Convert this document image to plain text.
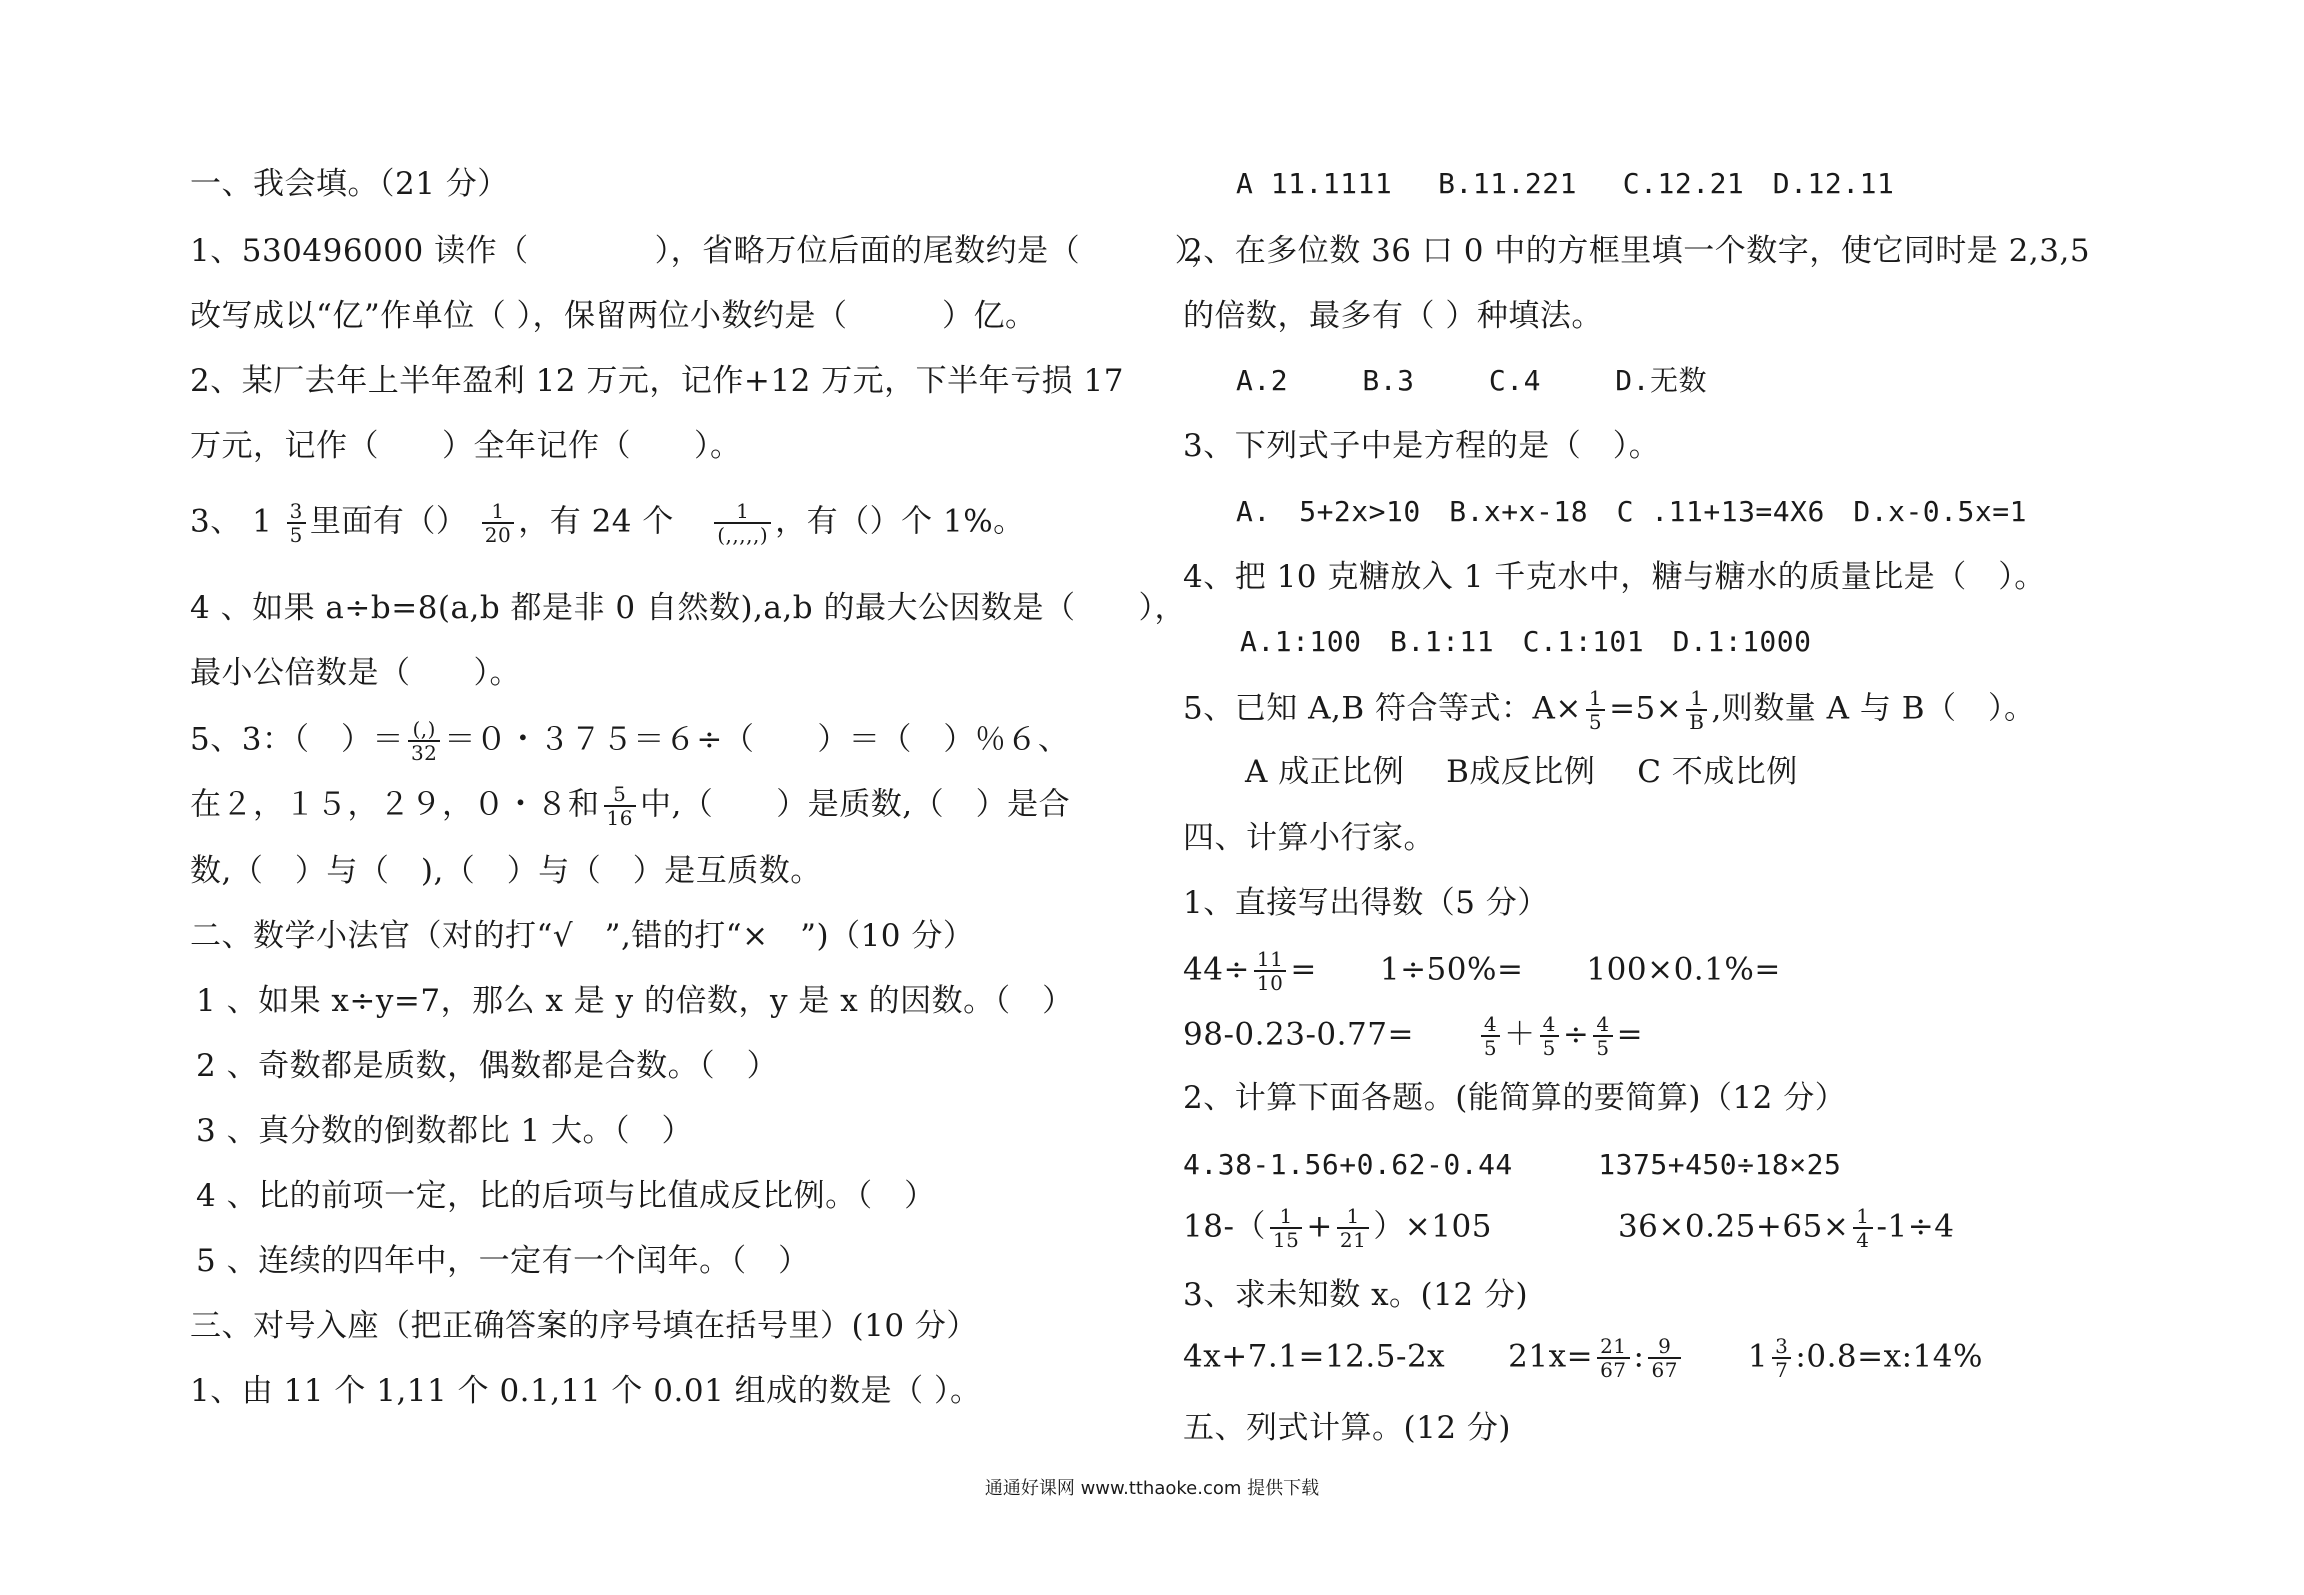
一、我会填。（21 分）
1、530496000 读作（　　　　），省略万位后面的尾数约是（　　　），
改写成以“亿”作单位（ ），保留两位小数约是（　　　）亿。
2、某厂去年上半年盈利 12 万元，记作+12 万元，下半年亏损 17
万元，记作（　　）全年记作（　　）。
3、 $1 \frac{3}{5}$ 里面有（） $\frac{1}{20}$ ，有 24 个 $\frac{1}{(,,,,,)}$ ，有（）个 1%。
4 、如果 a÷b=8(a,b 都是非 0 自然数),a,b 的最大公因数是（　　），
最小公倍数是（　　）。
5、3：（　）＝ $\frac{(,)}{32} =0$・３７５＝６÷（　　）＝（　）％６、
在２，１５，２９，０・８和 $\frac{5}{16}$ 中,（　　）是质数,（　）是合
数,（　）与（　),（　）与（　）是互质数。
二、数学小法官（对的打“√　”,错的打“×　”)（10 分）
1 、如果 x÷y=7，那么 x 是 y 的倍数，y 是 x 的因数。（　）
2 、奇数都是质数，偶数都是合数。（　）
3 、真分数的倒数都比 1 大。（　）
4 、比的前项一定，比的后项与比值成反比例。（　）
5 、连续的四年中，一定有一个闰年。（　）
三、对号入座（把正确答案的序号填在括号里）(10 分）
1、由 11 个 1,11 个 0.1,11 个 0.01 组成的数是（ ）。
A 11.1111　 B.11.221　 C.12.21　D.12.11
2、在多位数 36 口 0 中的方框里填一个数字，使它同时是 2,3,5
的倍数，最多有（ ）种填法。
A.2　　 B.3　　 C.4　　 D.无数
3、下列式子中是方程的是（　）。
A.　5+2x>10　B.x+x-18　C .11+13=4X6　D.x-0.5x=1
4、把 10 克糖放入 1 千克水中，糖与糖水的质量比是（　）。
A.1:100　B.1:11　C.1:101　D.1:1000
5、已知 A,B 符合等式：$A\times \frac{1}{5} =5\times \frac{1}{B}$ ,则数量 A 与 B（　）。
A 成正比例　 B成反比例　 C 不成比例
四、计算小行家。
1、直接写出得数（5 分）
$44\div \frac{11}{10}$ =　　1÷50%=　　100×0.1%=
98-0.23-0.77=　　 $\frac{4}{5} + \frac{4}{5} \div \frac{4}{5}$ =
2、计算下面各题。(能简算的要简算)（12 分）
4.38-1.56+0.62-0.44　　　1375+450÷18×25
$18-( \frac{1}{15} + \frac{1}{21} )\times 105$　　　　$36\times 0.25+65\times \frac{1}{4} -1\div 4$
3、求未知数 x。(12 分)
4x+7.1=12.5-2x　　$21x= \frac{21}{67}$ : $\frac{9}{67}$ 　　$1 \frac{3}{7}$ :0.8=x:14%
五、列式计算。(12 分)
通通好课网 www.tthaoke.com 提供下载
